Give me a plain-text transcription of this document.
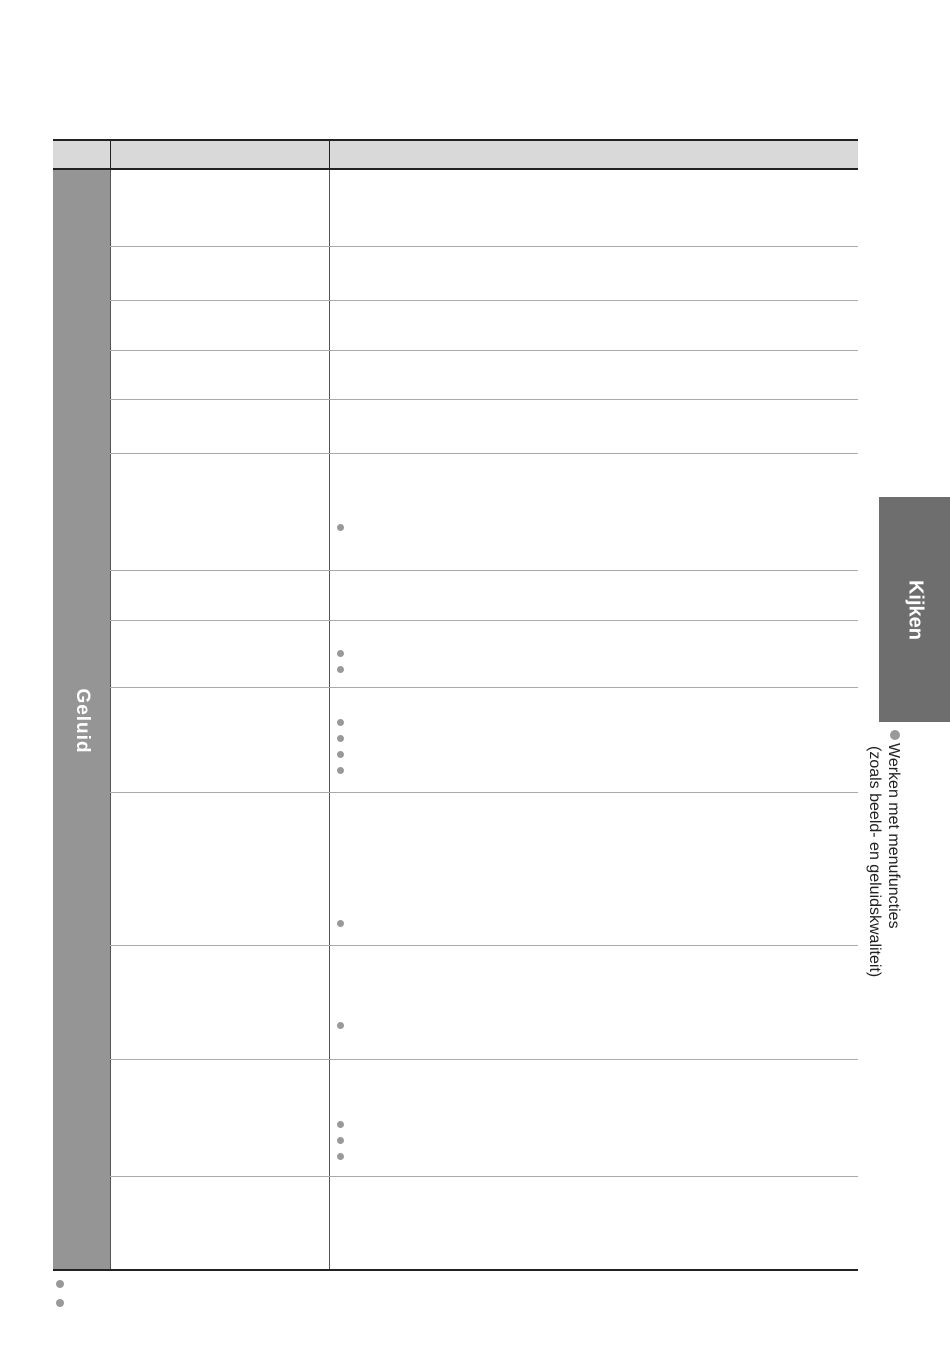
Geluid
Kijken
Werken met menufuncties
(zoals beeld- en geluidskwaliteit)
